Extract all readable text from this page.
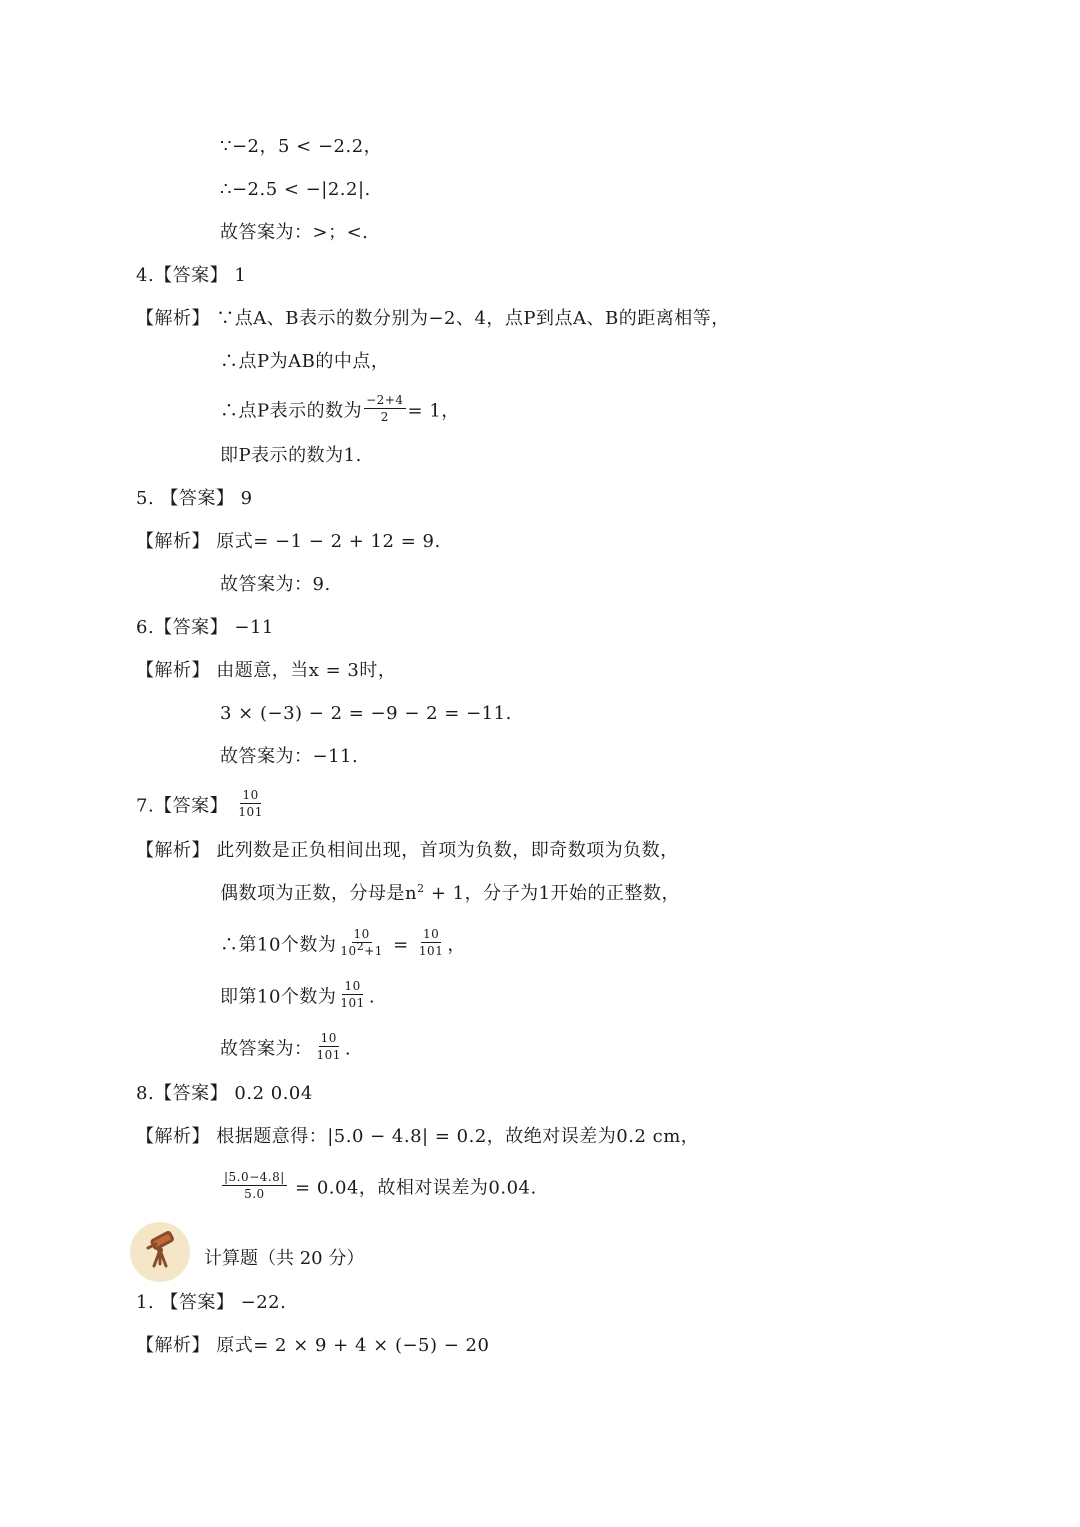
∵−2，5 < −2.2，
∴−2.5 < −|2.2|.
故答案为：>；<.
4.【答案】 1
【解析】 ∵点A、B表示的数分别为−2、4，点P到点A、B的距离相等，
∴点P为AB的中点，
∴点P表示的数为 $\frac{-2+4}{2} = 1$，
即P表示的数为1.
5. 【答案】 9
【解析】 原式= −1 − 2 + 12 = 9.
故答案为：9.
6.【答案】 −11
【解析】 由题意，当x = 3时，
3 × (−3) − 2 = −9 − 2 = −11.
故答案为：−11.
7.【答案】 $\frac{10}{101}$
【解析】 此列数是正负相间出现，首项为负数，即奇数项为负数，
偶数项为正数，分母是$n^2 + 1$，分子为1开始的正整数，
∴第10个数为 $\frac{10}{10^2+1} = \frac{10}{101}$ ，
即第10个数为 $\frac{10}{101}$ .
故答案为： $\frac{10}{101}$ .
8.【答案】 0.2 0.04
【解析】 根据题意得：|5.0 − 4.8| = 0.2，故绝对误差为0.2 cm，
$\frac{|5.0-4.8|}{5.0} = 0.04$，故相对误差为0.04.
计算题（共 20 分）
1. 【答案】 −22.
【解析】 原式= 2 × 9 + 4 × (−5) − 20
